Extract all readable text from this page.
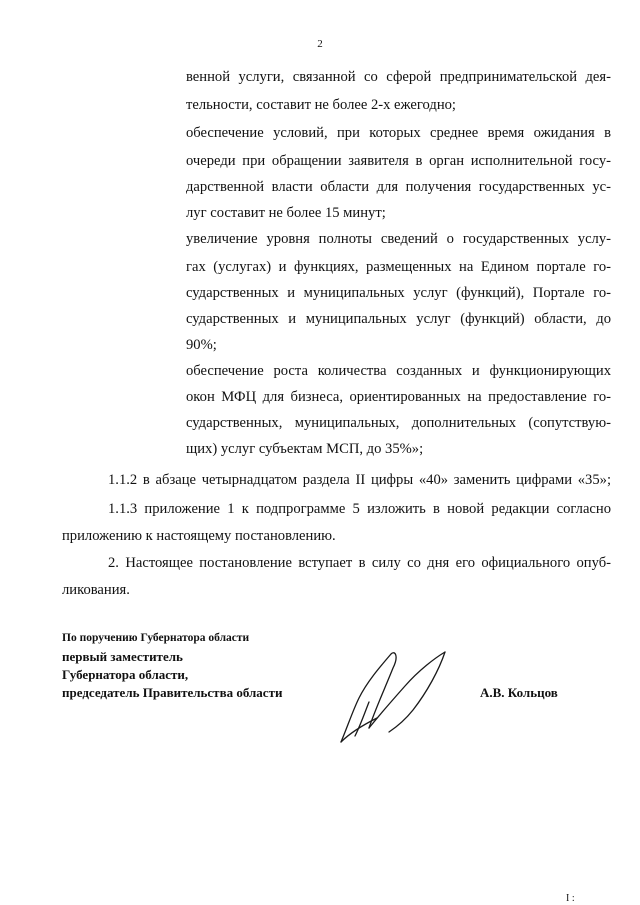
2
венной услуги, связанной со сферой предпринимательской дея-
тельности, составит не более 2-х ежегодно;
обеспечение условий, при которых среднее время ожидания в
очереди при обращении заявителя в орган исполнительной госу-
дарственной власти области для получения государственных ус-
луг составит не более 15 минут;
увеличение уровня полноты сведений о государственных услу-
гах (услугах) и функциях, размещенных на Едином портале го-
сударственных и муниципальных услуг (функций), Портале го-
сударственных и муниципальных услуг (функций) области, до
90%;
обеспечение роста количества созданных и функционирующих
окон МФЦ для бизнеса, ориентированных на предоставление го-
сударственных, муниципальных, дополнительных (сопутствую-
щих) услуг субъектам МСП, до 35%»;
1.1.2 в абзаце четырнадцатом раздела II цифры «40» заменить цифрами «35»;
1.1.3 приложение 1 к подпрограмме 5 изложить в новой редакции согласно
приложению к настоящему постановлению.
2. Настоящее постановление вступает в силу со дня его официального опуб-
ликования.
По поручению Губернатора области
первый заместитель
Губернатора области,
председатель Правительства области	А.В. Кольцов
I :
